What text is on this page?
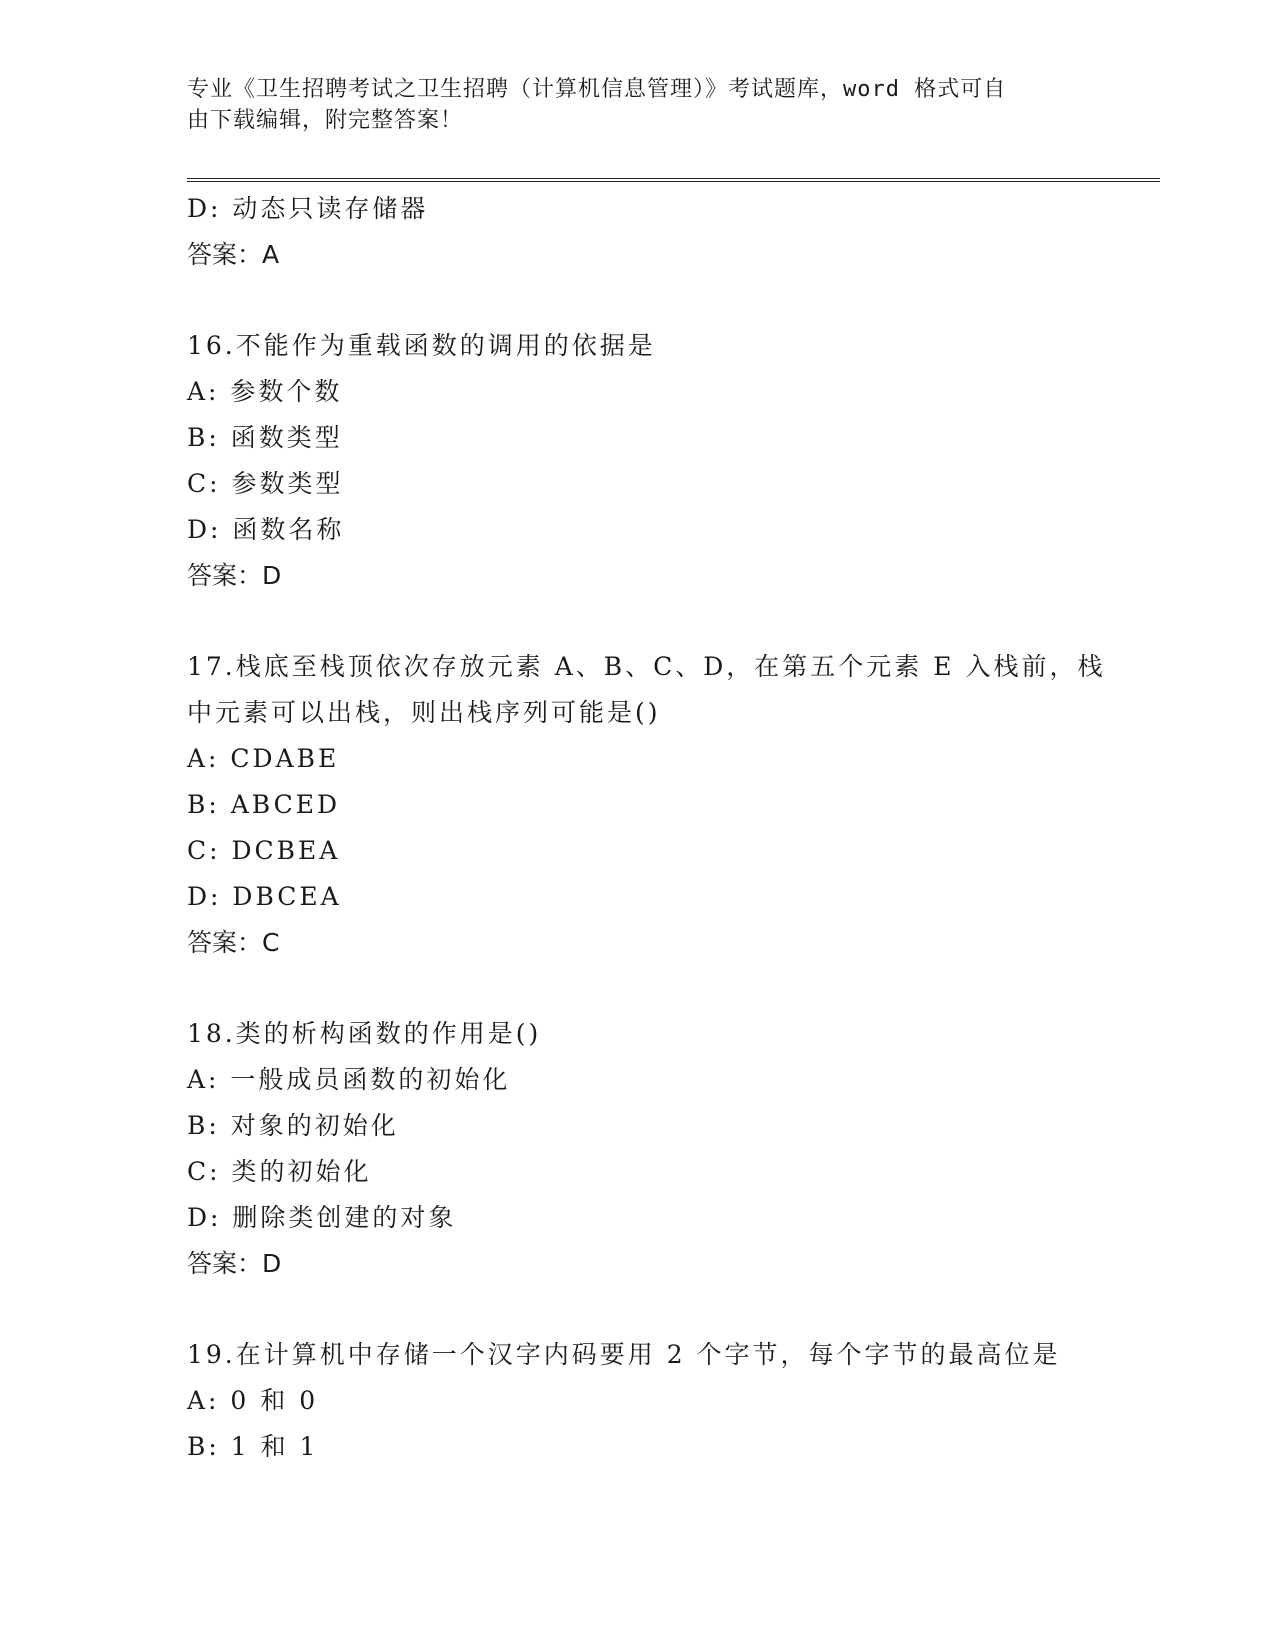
专业《卫生招聘考试之卫生招聘（计算机信息管理）》考试题库，word 格式可自
由下载编辑，附完整答案！
D: 动态只读存储器
答案：A
16.不能作为重载函数的调用的依据是
A: 参数个数
B: 函数类型
C: 参数类型
D: 函数名称
答案：D
17.栈底至栈顶依次存放元素 A、B、C、D，在第五个元素 E 入栈前，栈
中元素可以出栈，则出栈序列可能是()
A: CDABE
B: ABCED
C: DCBEA
D: DBCEA
答案：C
18.类的析构函数的作用是()
A: 一般成员函数的初始化
B: 对象的初始化
C: 类的初始化
D: 删除类创建的对象
答案：D
19.在计算机中存储一个汉字内码要用 2 个字节，每个字节的最高位是
A: 0 和 0
B: 1 和 1
